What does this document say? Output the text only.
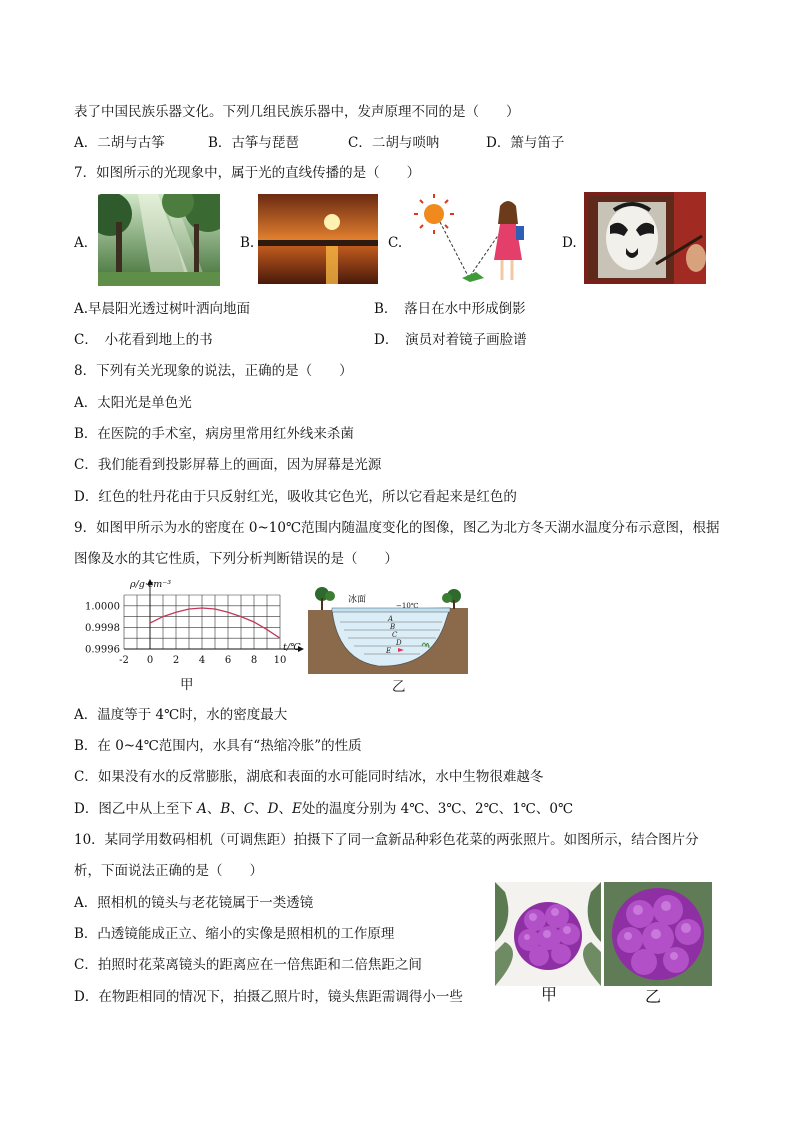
表了中国民族乐器文化。下列几组民族乐器中，发声原理不同的是（　　）
A．二胡与古筝	B．古筝与琵琶	C．二胡与唢呐	D．箫与笛子
7．如图所示的光现象中，属于光的直线传播的是（　　）
A．	B.	C.	D.
A.早晨阳光透过树叶洒向地面	B．　落日在水中形成倒影
C．　小花看到地上的书	D．　演员对着镜子画脸谱
8．下列有关光现象的说法，正确的是（　　）
A．太阳光是单色光
B．在医院的手术室，病房里常用红外线来杀菌
C．我们能看到投影屏幕上的画面，因为屏幕是光源
D．红色的牡丹花由于只反射红光，吸收其它色光，所以它看起来是红色的
9．如图甲所示为水的密度在 0~10℃范围内随温度变化的图像，图乙为北方冬天湖水温度分布示意图，根据
图像及水的其它性质，下列分析判断错误的是（　　）
-2 0 2 4 6 8 10
1.0000
0.9998
0.9996
ρ/g·cm⁻³
t/℃
甲
A
B
C
D
E
冰面
−10℃
乙
A．温度等于 4℃时，水的密度最大
B．在 0~4℃范围内，水具有“热缩冷胀”的性质
C．如果没有水的反常膨胀，湖底和表面的水可能同时结冰，水中生物很难越冬
D．图乙中从上至下 A、B、C、D、E处的温度分别为 4℃、3℃、2℃、1℃、0℃
10．某同学用数码相机（可调焦距）拍摄下了同一盒新品种彩色花菜的两张照片。如图所示，结合图片分
析，下面说法正确的是（　　）
A．照相机的镜头与老花镜属于一类透镜
B．凸透镜能成正立、缩小的实像是照相机的工作原理
C．拍照时花菜离镜头的距离应在一倍焦距和二倍焦距之间
D．在物距相同的情况下，拍摄乙照片时，镜头焦距需调得小一些	甲	乙
